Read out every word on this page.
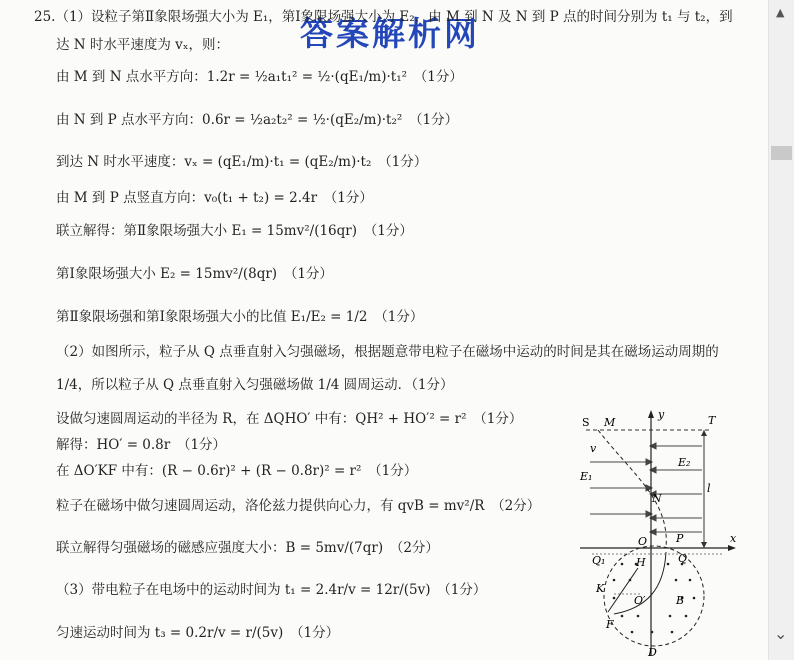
答案解析网
25.（1）设粒子第Ⅱ象限场强大小为 E₁，第Ⅰ象限场强大小为 E₂，由 M 到 N 及 N 到 P 点的时间分别为 t₁ 与 t₂，到
达 N 时水平速度为 vₓ，则：
由 M 到 N 点水平方向：1.2r = ½a₁t₁² = ½·(qE₁/m)·t₁²　（1分）
由 N 到 P 点水平方向：0.6r = ½a₂t₂² = ½·(qE₂/m)·t₂²　（1分）
到达 N 时水平速度：vₓ = (qE₁/m)·t₁ = (qE₂/m)·t₂　（1分）
由 M 到 P 点竖直方向：v₀(t₁ + t₂) = 2.4r　（1分）
联立解得：第Ⅱ象限场强大小 E₁ = 15mv²/(16qr)　（1分）
第Ⅰ象限场强大小 E₂ = 15mv²/(8qr)　（1分）
第Ⅱ象限场强和第Ⅰ象限场强大小的比值 E₁/E₂ = 1/2　（1分）
（2）如图所示，粒子从 Q 点垂直射入匀强磁场，根据题意带电粒子在磁场中运动的时间是其在磁场运动周期的
1/4，所以粒子从 Q 点垂直射入匀强磁场做 1/4 圆周运动．（1分）
设做匀速圆周运动的半径为 R，在 ΔQHO′ 中有：QH² + HO′² = r²　（1分）
解得：HO′ = 0.8r　（1分）
在 ΔO′KF 中有：(R − 0.6r)² + (R − 0.8r)² = r²　（1分）
粒子在磁场中做匀速圆周运动，洛伦兹力提供向心力，有 qvB = mv²/R　（2分）
联立解得匀强磁场的磁感应强度大小：B = 5mv/(7qr)　（2分）
（3）带电粒子在电场中的运动时间为 t₁ = 2.4r/v = 12r/(5v)　（1分）
匀速运动时间为 t₃ = 0.2r/v = r/(5v)　（1分）
S M
y	T
v
E₁
E₂
l
N
O	P	x
Q₁	Q
H
K
O′	B
F
D
▲
⌄
